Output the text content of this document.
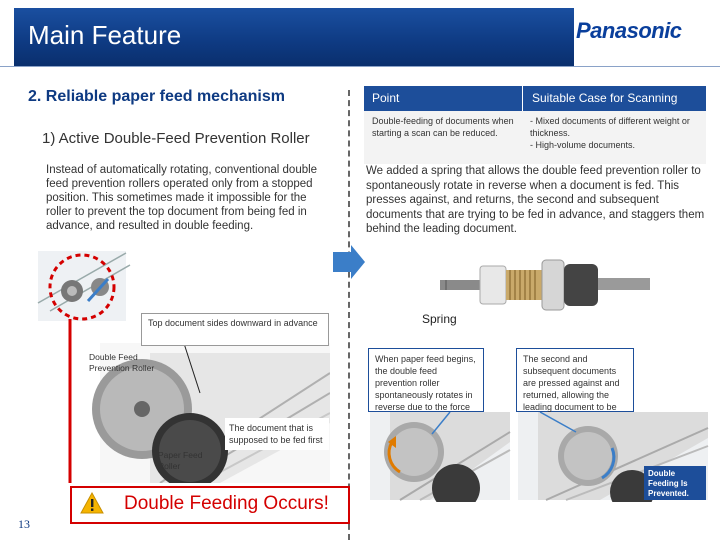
Main Feature	Panasonic
2. Reliable paper feed mechanism
1) Active Double-Feed Prevention Roller
Instead of automatically rotating, conventional double feed prevention rollers operated only from a stopped position. This sometimes made it impossible for the roller to prevent the top document from being fed in advance, and resulted in double feeding.
Point	Suitable Case for Scanning
Double-feeding of documents when starting a scan can be reduced.
- Mixed documents of different weight or
thickness.
- High-volume documents.
We added a spring that allows the double feed prevention roller to spontaneously rotate in reverse when a document is fed. This presses against, and returns, the second and subsequent documents that are trying to be fed in advance, and staggers them behind the leading document.
Top document sides downward in advance
Double Feed
Prevention Roller
The document that is supposed to be fed first
Paper Feed
Roller
Double Feeding Occurs!
13
Spring
When paper feed begins, the double feed prevention roller spontaneously rotates in reverse due to the force
The second and subsequent documents are pressed against and returned, allowing the leading document to be
Double Feeding Is Prevented.
